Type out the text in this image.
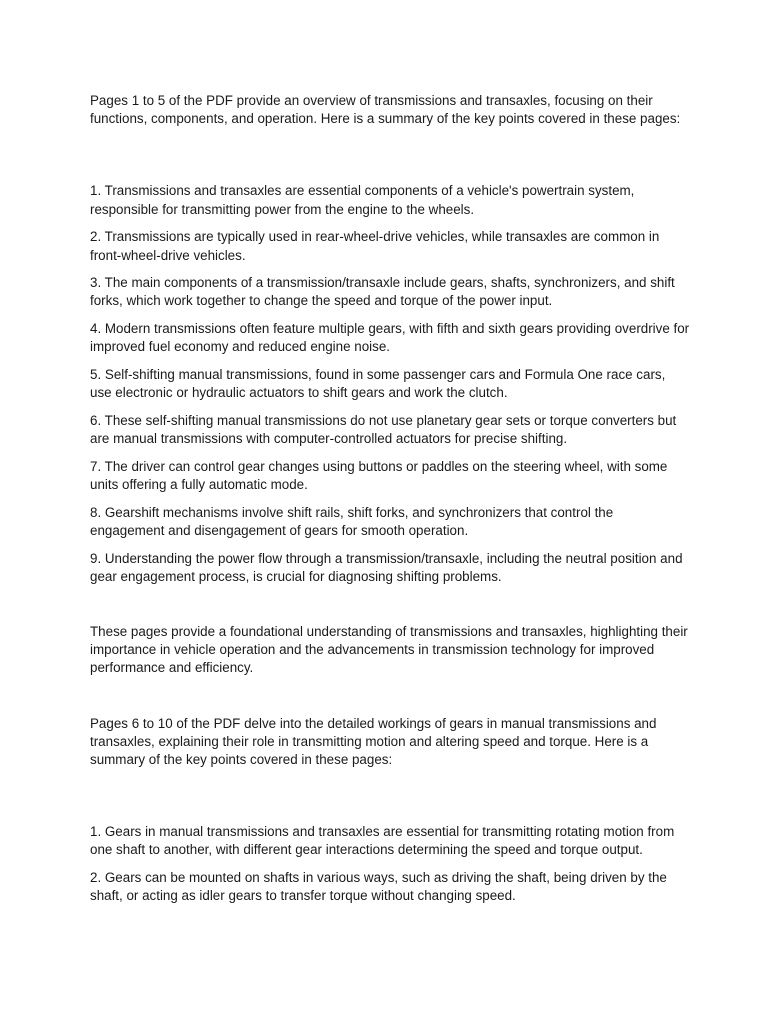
Pages 1 to 5 of the PDF provide an overview of transmissions and transaxles, focusing on their functions, components, and operation. Here is a summary of the key points covered in these pages:

1. Transmissions and transaxles are essential components of a vehicle's powertrain system, responsible for transmitting power from the engine to the wheels.

2. Transmissions are typically used in rear-wheel-drive vehicles, while transaxles are common in front-wheel-drive vehicles.

3. The main components of a transmission/transaxle include gears, shafts, synchronizers, and shift forks, which work together to change the speed and torque of the power input.

4. Modern transmissions often feature multiple gears, with fifth and sixth gears providing overdrive for improved fuel economy and reduced engine noise.

5. Self-shifting manual transmissions, found in some passenger cars and Formula One race cars, use electronic or hydraulic actuators to shift gears and work the clutch.

6. These self-shifting manual transmissions do not use planetary gear sets or torque converters but are manual transmissions with computer-controlled actuators for precise shifting.

7. The driver can control gear changes using buttons or paddles on the steering wheel, with some units offering a fully automatic mode.

8. Gearshift mechanisms involve shift rails, shift forks, and synchronizers that control the engagement and disengagement of gears for smooth operation.

9. Understanding the power flow through a transmission/transaxle, including the neutral position and gear engagement process, is crucial for diagnosing shifting problems.

These pages provide a foundational understanding of transmissions and transaxles, highlighting their importance in vehicle operation and the advancements in transmission technology for improved performance and efficiency.

Pages 6 to 10 of the PDF delve into the detailed workings of gears in manual transmissions and transaxles, explaining their role in transmitting motion and altering speed and torque. Here is a summary of the key points covered in these pages:

1. Gears in manual transmissions and transaxles are essential for transmitting rotating motion from one shaft to another, with different gear interactions determining the speed and torque output.

2. Gears can be mounted on shafts in various ways, such as driving the shaft, being driven by the shaft, or acting as idler gears to transfer torque without changing speed.
